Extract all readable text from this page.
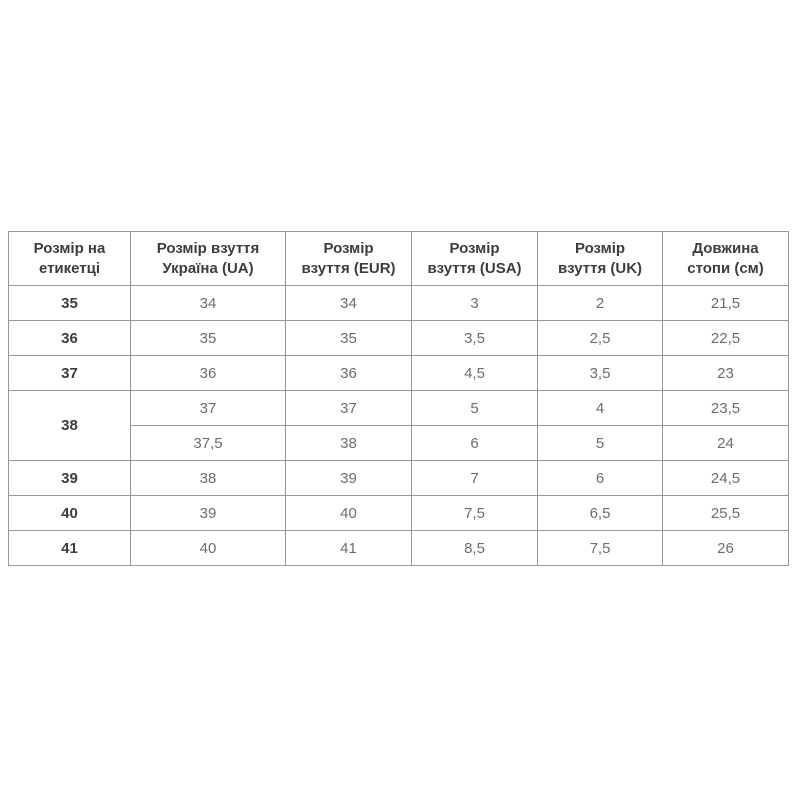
Розмір на етикетці	Розмір взуття Україна (UA)	Розмір взуття (EUR)	Розмір взуття (USA)	Розмір взуття (UK)	Довжина стопи (см)
35	34	34	3	2	21,5
36	35	35	3,5	2,5	22,5
37	36	36	4,5	3,5	23
38	37	37	5	4	23,5
	37,5	38	6	5	24
39	38	39	7	6	24,5
40	39	40	7,5	6,5	25,5
41	40	41	8,5	7,5	26
